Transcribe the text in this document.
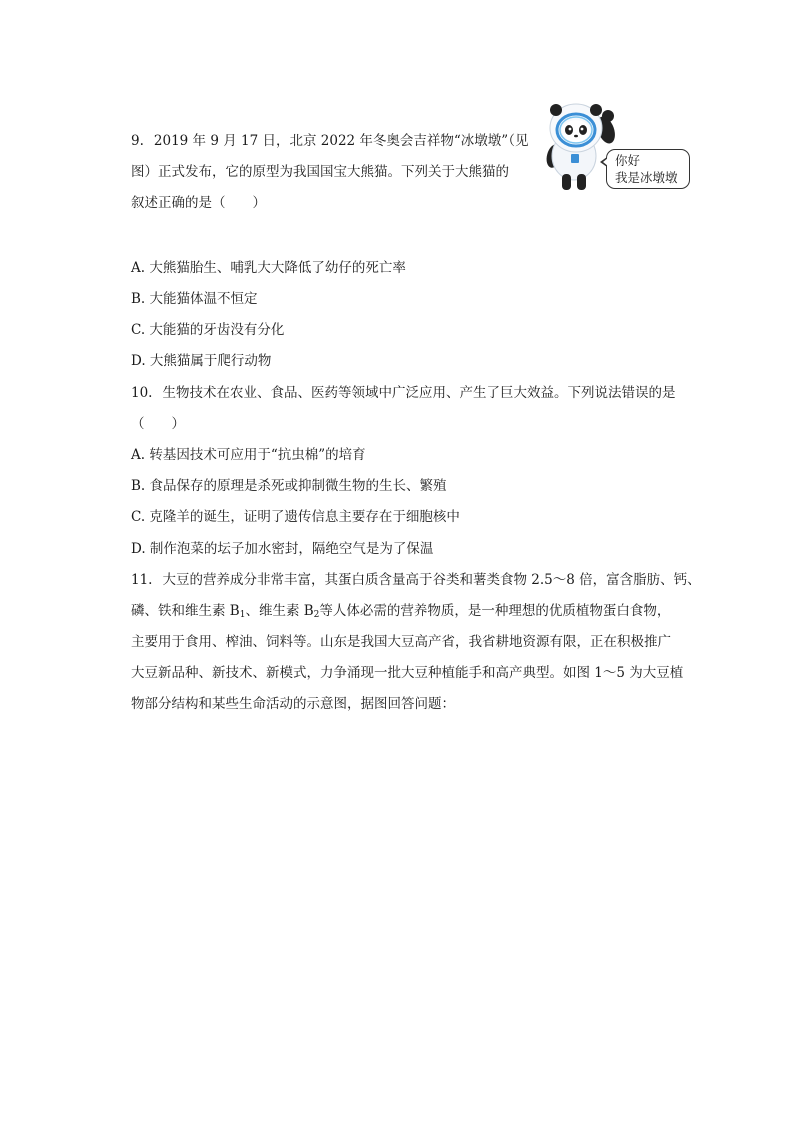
9. 2019 年 9 月 17 日，北京 2022 年冬奥会吉祥物“冰墩墩”（见
图）正式发布，它的原型为我国国宝大熊猫。下列关于大熊猫的
叙述正确的是（　　）
你好
我是冰墩墩
A. 大熊猫胎生、哺乳大大降低了幼仔的死亡率
B. 大能猫体温不恒定
C. 大能猫的牙齿没有分化
D. 大熊猫属于爬行动物
10. 生物技术在农业、食品、医药等领域中广泛应用、产生了巨大效益。下列说法错误的是
（　　）
A. 转基因技术可应用于“抗虫棉”的培育
B. 食品保存的原理是杀死或抑制微生物的生长、繁殖
C. 克隆羊的诞生，证明了遗传信息主要存在于细胞核中
D. 制作泡菜的坛子加水密封，隔绝空气是为了保温
11. 大豆的营养成分非常丰富，其蛋白质含量高于谷类和薯类食物 2.5～8 倍，富含脂肪、钙、
磷、铁和维生素 $B_1$、维生素 $B_2$等人体必需的营养物质，是一种理想的优质植物蛋白食物，
主要用于食用、榨油、饲料等。山东是我国大豆高产省，我省耕地资源有限，正在积极推广
大豆新品种、新技术、新模式，力争涌现一批大豆种植能手和高产典型。如图 1～5 为大豆植
物部分结构和某些生命活动的示意图，据图回答问题：
